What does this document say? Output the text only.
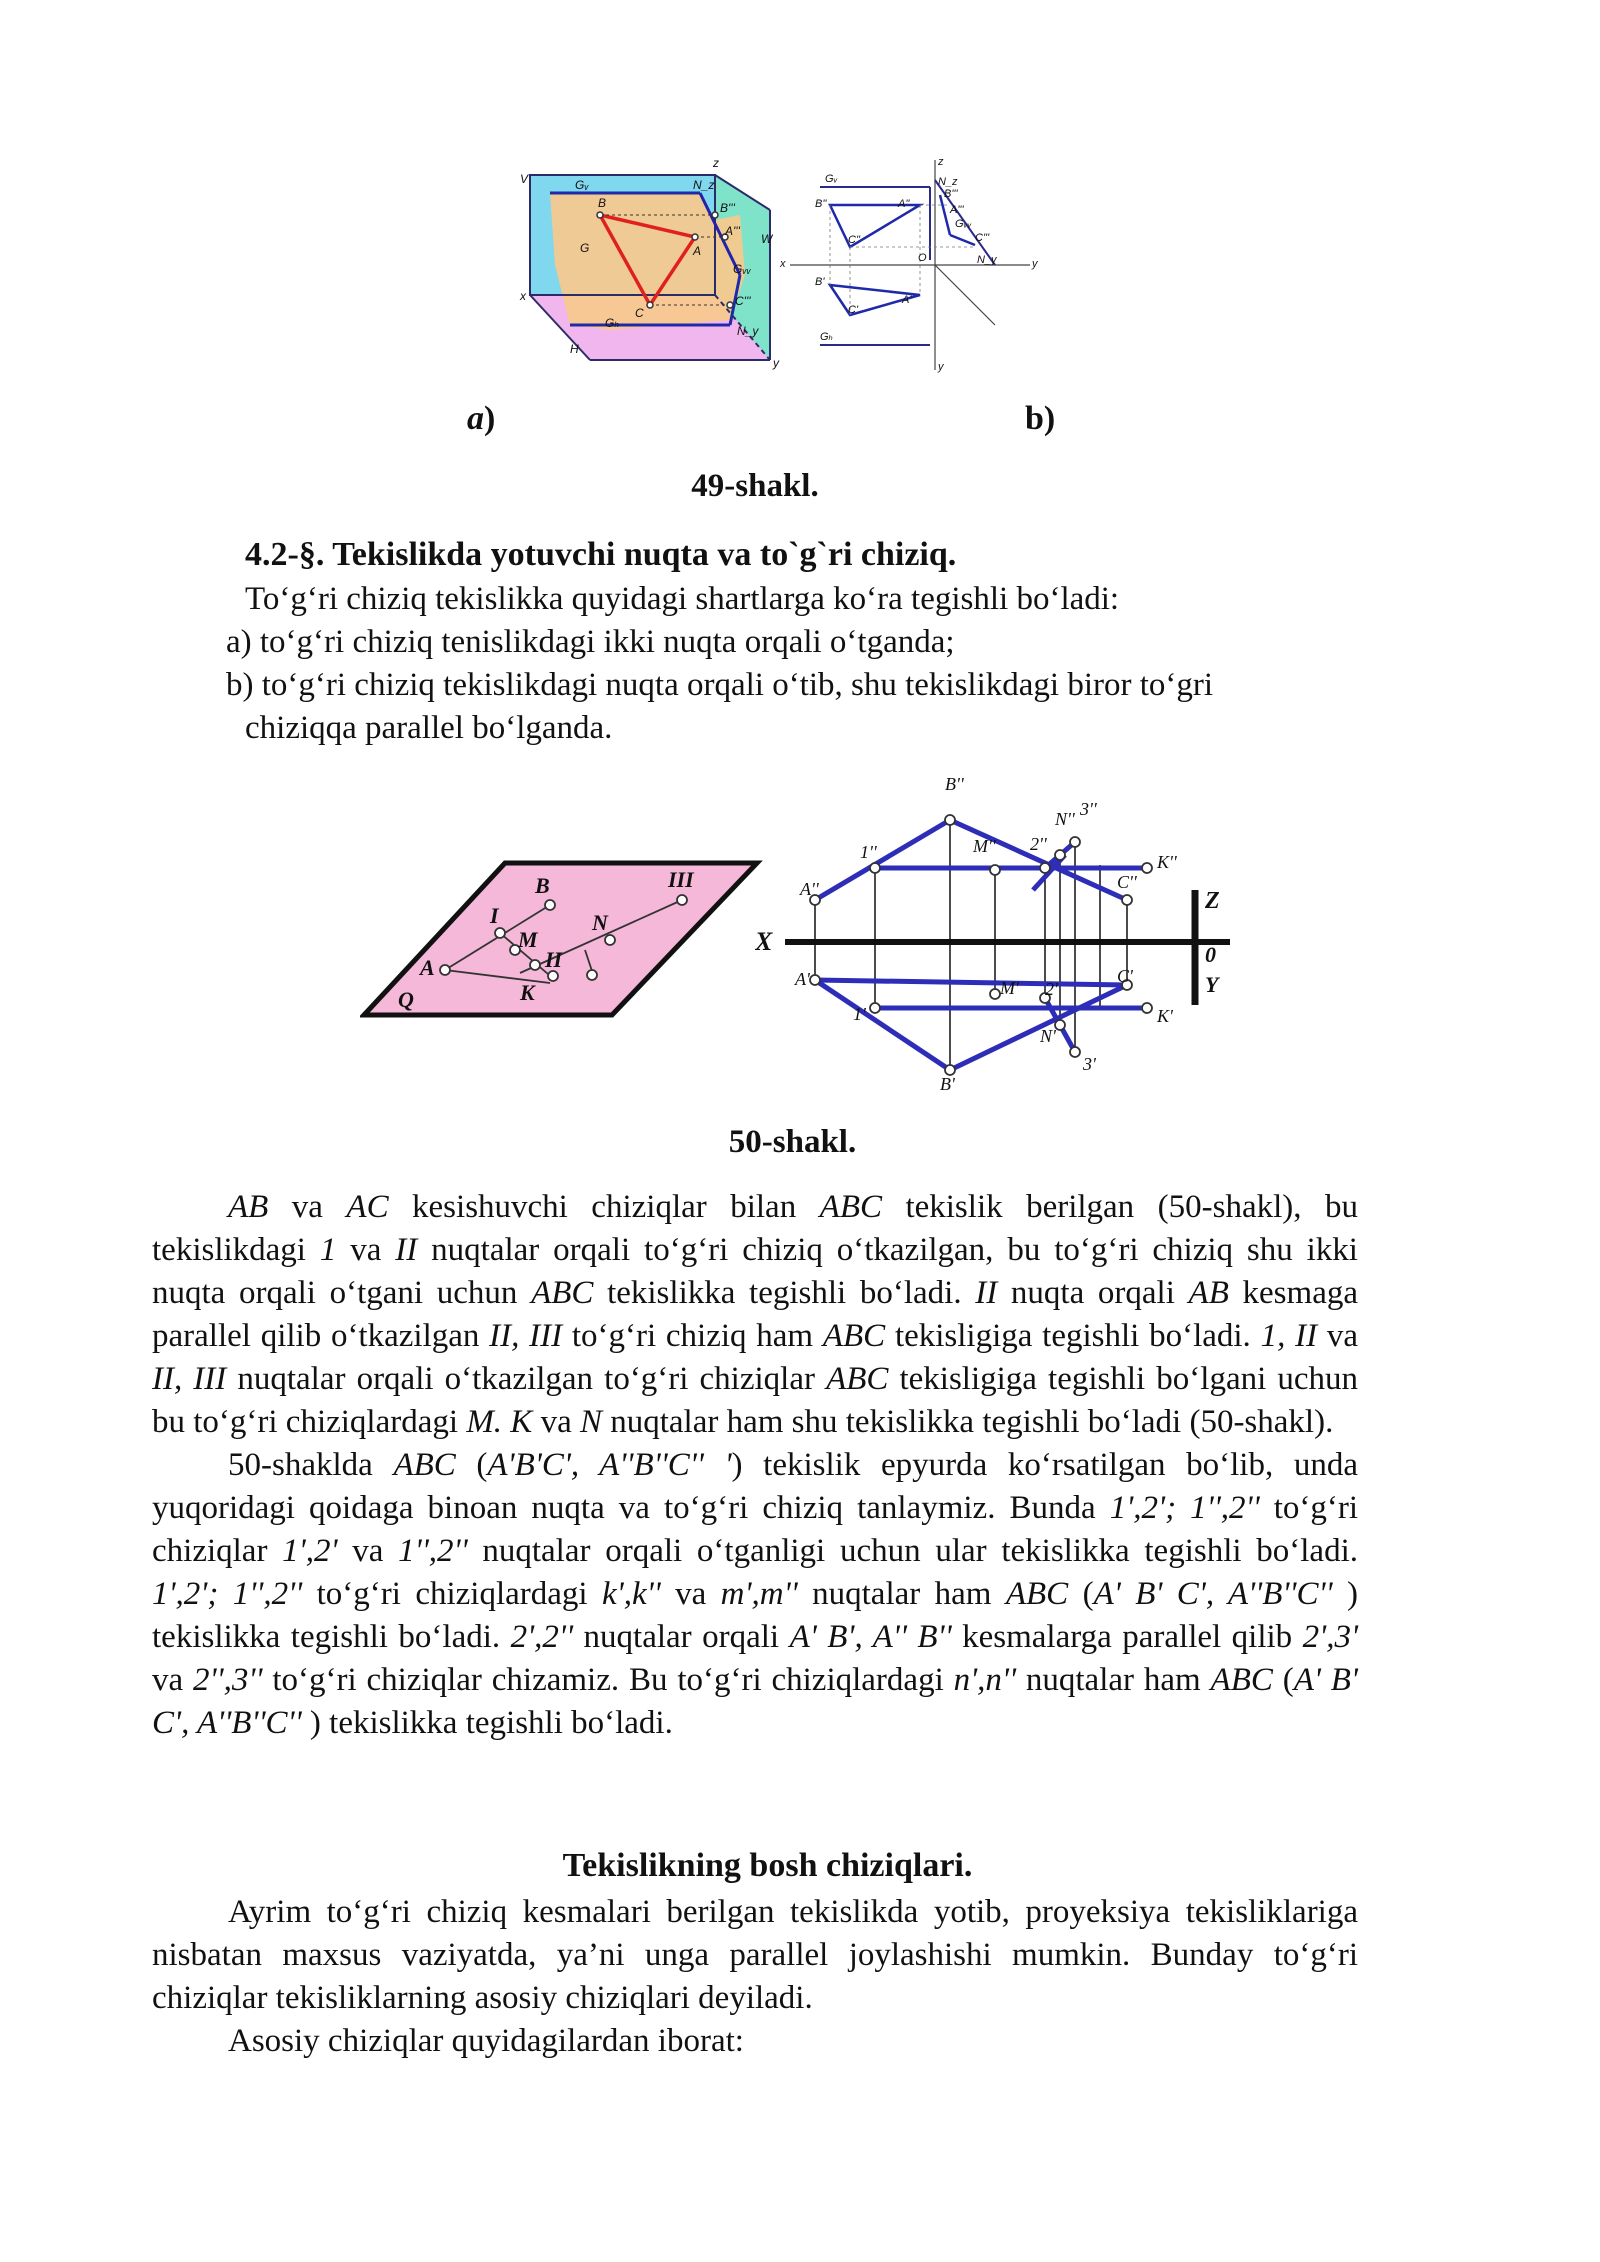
V	Gᵥ	N_z
z
B	B'''
A'''
W
G	A
Gᵥᵥ
x
C
C'''
Gₕ
N_y
H
y
z
Gᵥ	N_z
B''	A''
B'''
A'''
C''
Gᵥᵥ
C'''
x	O	N_y	y
B'
A'
C'
Gₕ
y
a)	b)
49-shakl.
4.2-§. Tekislikda yotuvchi nuqta va to`g`ri chiziq.
To‘g‘ri chiziq tekislikka quyidagi shartlarga ko‘ra tegishli bo‘ladi:
a) to‘g‘ri chiziq tenislikdagi ikki nuqta orqali o‘tganda;
b) to‘g‘ri chiziq tekislikdagi nuqta orqali o‘tib, shu tekislikdagi biror to‘gri
chiziqqa parallel bo‘lganda.
B	III
I
M
N
II
A
K
Q
B''
N'' 3''
1''	M'' 2''
K''
A''	C''
X
Z
0
Y
A'	C'
M' 2'
1'	K'
N'
3'
B'
50-shakl.

AB va AC kesishuvchi chiziqlar bilan ABC tekislik berilgan (50-shakl), bu tekislikdagi 1 va II nuqtalar orqali to‘g‘ri chiziq o‘tkazilgan, bu to‘g‘ri chiziq shu ikki nuqta orqali o‘tgani uchun ABC tekislikka tegishli bo‘ladi. II nuqta orqali AB kesmaga parallel qilib o‘tkazilgan II, III to‘g‘ri chiziq ham ABC tekisligiga tegishli bo‘ladi. 1, II va II, III nuqtalar orqali o‘tkazilgan to‘g‘ri chiziqlar ABC tekisligiga tegishli bo‘lgani uchun bu to‘g‘ri chiziqlardagi M. K va N nuqtalar ham shu tekislikka tegishli bo‘ladi (50-shakl).

50-shaklda ABC (A'B'C', A''B''C'' ') tekislik epyurda ko‘rsatilgan bo‘lib, unda yuqoridagi qoidaga binoan nuqta va to‘g‘ri chiziq tanlaymiz. Bunda 1',2'; 1'',2'' to‘g‘ri chiziqlar 1',2' va 1'',2'' nuqtalar orqali o‘tganligi uchun ular tekislikka tegishli bo‘ladi. 1',2'; 1'',2'' to‘g‘ri chiziqlardagi k',k'' va m',m'' nuqtalar ham ABC (A' B' C', A''B''C'' ) tekislikka tegishli bo‘ladi. 2',2'' nuqtalar orqali A' B', A'' B'' kesmalarga parallel qilib 2',3' va 2'',3'' to‘g‘ri chiziqlar chizamiz. Bu to‘g‘ri chiziqlardagi n',n'' nuqtalar ham ABC (A' B' C', A''B''C'' ) tekislikka tegishli bo‘ladi.

Tekislikning bosh chiziqlari.

Ayrim to‘g‘ri chiziq kesmalari berilgan tekislikda yotib, proyeksiya tekisliklariga nisbatan maxsus vaziyatda, ya’ni unga parallel joylashishi mumkin. Bunday to‘g‘ri chiziqlar tekisliklarning asosiy chiziqlari deyiladi.

Asosiy chiziqlar quyidagilardan iborat:
